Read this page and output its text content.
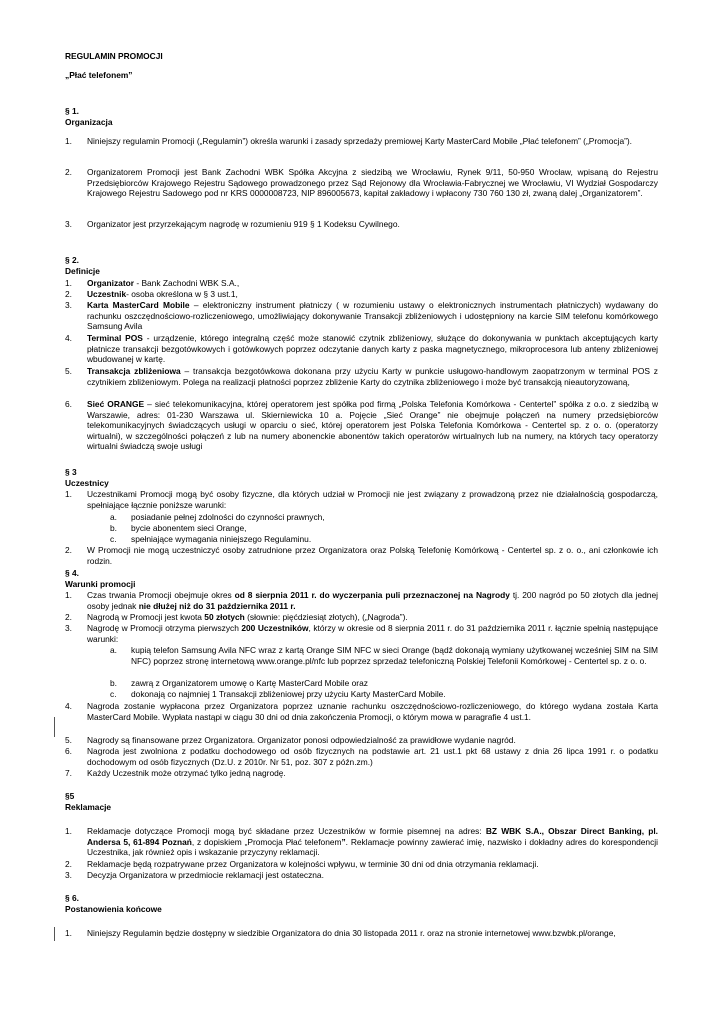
REGULAMIN PROMOCJI
„Płać telefonem”
§ 1.
Organizacja
1. Niniejszy regulamin Promocji („Regulamin”) określa warunki i zasady sprzedaży premiowej Karty MasterCard Mobile „Płać telefonem” („Promocja”).
2. Organizatorem Promocji jest Bank Zachodni WBK Spółka Akcyjna z siedzibą we Wrocławiu, Rynek 9/11, 50-950 Wrocław, wpisaną do Rejestru Przedsiębiorców Krajowego Rejestru Sądowego prowadzonego przez Sąd Rejonowy dla Wrocławia-Fabrycznej we Wrocławiu, VI Wydział Gospodarczy Krajowego Rejestru Sadowego pod nr KRS 0000008723, NIP 896005673, kapitał zakładowy i wpłacony 730 760 130 zł, zwaną dalej „Organizatorem”.
3. Organizator jest przyrzekającym nagrodę w rozumieniu 919 § 1 Kodeksu Cywilnego.
§ 2.
Definicje
1. Organizator - Bank Zachodni WBK S.A.,
2. Uczestnik- osoba określona w § 3 ust.1,
3. Karta MasterCard Mobile – elektroniczny instrument płatniczy ( w rozumieniu ustawy o elektronicznych instrumentach płatniczych) wydawany do rachunku oszczędnościowo-rozliczeniowego, umożliwiający dokonywanie Transakcji zbliżeniowych i udostępniony na karcie SIM telefonu komórkowego Samsung Avila
4. Terminal POS - urządzenie, którego integralną część może stanowić czytnik zbliżeniowy, służące do dokonywania w punktach akceptujących karty płatnicze transakcji bezgotówkowych i gotówkowych poprzez odczytanie danych karty z paska magnetycznego, mikroprocesora lub anteny zbliżeniowej wbudowanej w kartę.
5. Transakcja zbliżeniowa – transakcja bezgotówkowa dokonana przy użyciu Karty w punkcie usługowo-handlowym zaopatrzonym w terminal POS z czytnikiem zbliżeniowym. Polega na realizacji płatności poprzez zbliżenie Karty do czytnika zbliżeniowego i może być transakcją nieautoryzowaną,
6. Sieć ORANGE – sieć telekomunikacyjna, której operatorem jest spółka pod firmą „Polska Telefonia Komórkowa - Centertel” spółka z o.o. z siedzibą w Warszawie, adres: 01-230 Warszawa ul. Skierniewicka 10 a. Pojęcie „Sieć Orange” nie obejmuje połączeń na numery przedsiębiorców telekomunikacyjnych świadczących usługi w oparciu o sieć, której operatorem jest Polska Telefonia Komórkowa - Centertel sp. z o. o. (operatorzy wirtualni), w szczególności połączeń z lub na numery abonenckie abonentów takich operatorów wirtualnych lub na numery, na których tacy operatorzy wirtualni świadczą swoje usługi
§ 3
Uczestnicy
1. Uczestnikami Promocji mogą być osoby fizyczne, dla których udział w Promocji nie jest związany z prowadzoną przez nie działalnością gospodarczą, spełniające łącznie poniższe warunki:
a. posiadanie pełnej zdolności do czynności prawnych,
b. bycie abonentem sieci Orange,
c. spełniające wymagania niniejszego Regulaminu.
2. W Promocji nie mogą uczestniczyć osoby zatrudnione przez Organizatora oraz Polską Telefonię Komórkową - Centertel sp. z o. o., ani członkowie ich rodzin.
§ 4.
Warunki promocji
1. Czas trwania Promocji obejmuje okres od 8 sierpnia 2011 r. do wyczerpania puli przeznaczonej na Nagrody tj. 200 nagród po 50 złotych dla jednej osoby jednak nie dłużej niż do 31 października 2011 r.
2. Nagrodą w Promocji jest kwota 50 złotych (słownie: pięćdziesiąt złotych), („Nagroda”).
3. Nagrodę w Promocji otrzyma pierwszych 200 Uczestników, którzy w okresie od 8 sierpnia 2011 r. do 31 października 2011 r. łącznie spełnią następujące warunki:
a. kupią telefon Samsung Avila NFC wraz z kartą Orange SIM NFC w sieci Orange (bądź dokonają wymiany użytkowanej wcześniej SIM na SIM NFC) poprzez stronę internetową www.orange.pl/nfc lub poprzez sprzedaż telefoniczną Polskiej Telefonii Komórkowej - Centertel sp. z o. o.
b. zawrą z Organizatorem umowę o Kartę MasterCard Mobile oraz
c. dokonają co najmniej 1 Transakcji zbliżeniowej przy użyciu Karty MasterCard Mobile.
4. Nagroda zostanie wypłacona przez Organizatora poprzez uznanie rachunku oszczędnościowo-rozliczeniowego, do którego wydana została Karta MasterCard Mobile. Wypłata nastąpi w ciągu 30 dni od dnia zakończenia Promocji, o którym mowa w paragrafie 4 ust.1.
5. Nagrody są finansowane przez Organizatora. Organizator ponosi odpowiedzialność za prawidłowe wydanie nagród.
6. Nagroda jest zwolniona z podatku dochodowego od osób fizycznych na podstawie art. 21 ust.1 pkt 68 ustawy z dnia 26 lipca 1991 r. o podatku dochodowym od osób fizycznych (Dz.U. z 2010r. Nr 51, poz. 307 z późn.zm.)
7. Każdy Uczestnik może otrzymać tylko jedną nagrodę.
§5
Reklamacje
1. Reklamacje dotyczące Promocji mogą być składane przez Uczestników w formie pisemnej na adres: BZ WBK S.A., Obszar Direct Banking, pl. Andersa 5, 61-894 Poznań, z dopiskiem „Promocja Płać telefonem”. Reklamacje powinny zawierać imię, nazwisko i dokładny adres do korespondencji Uczestnika, jak również opis i wskazanie przyczyny reklamacji.
2. Reklamacje będą rozpatrywane przez Organizatora w kolejności wpływu, w terminie 30 dni od dnia otrzymania reklamacji.
3. Decyzja Organizatora w przedmiocie reklamacji jest ostateczna.
§ 6.
Postanowienia końcowe
1. Niniejszy Regulamin będzie dostępny w siedzibie Organizatora do dnia 30 listopada 2011 r. oraz na stronie internetowej www.bzwbk.pl/orange,
